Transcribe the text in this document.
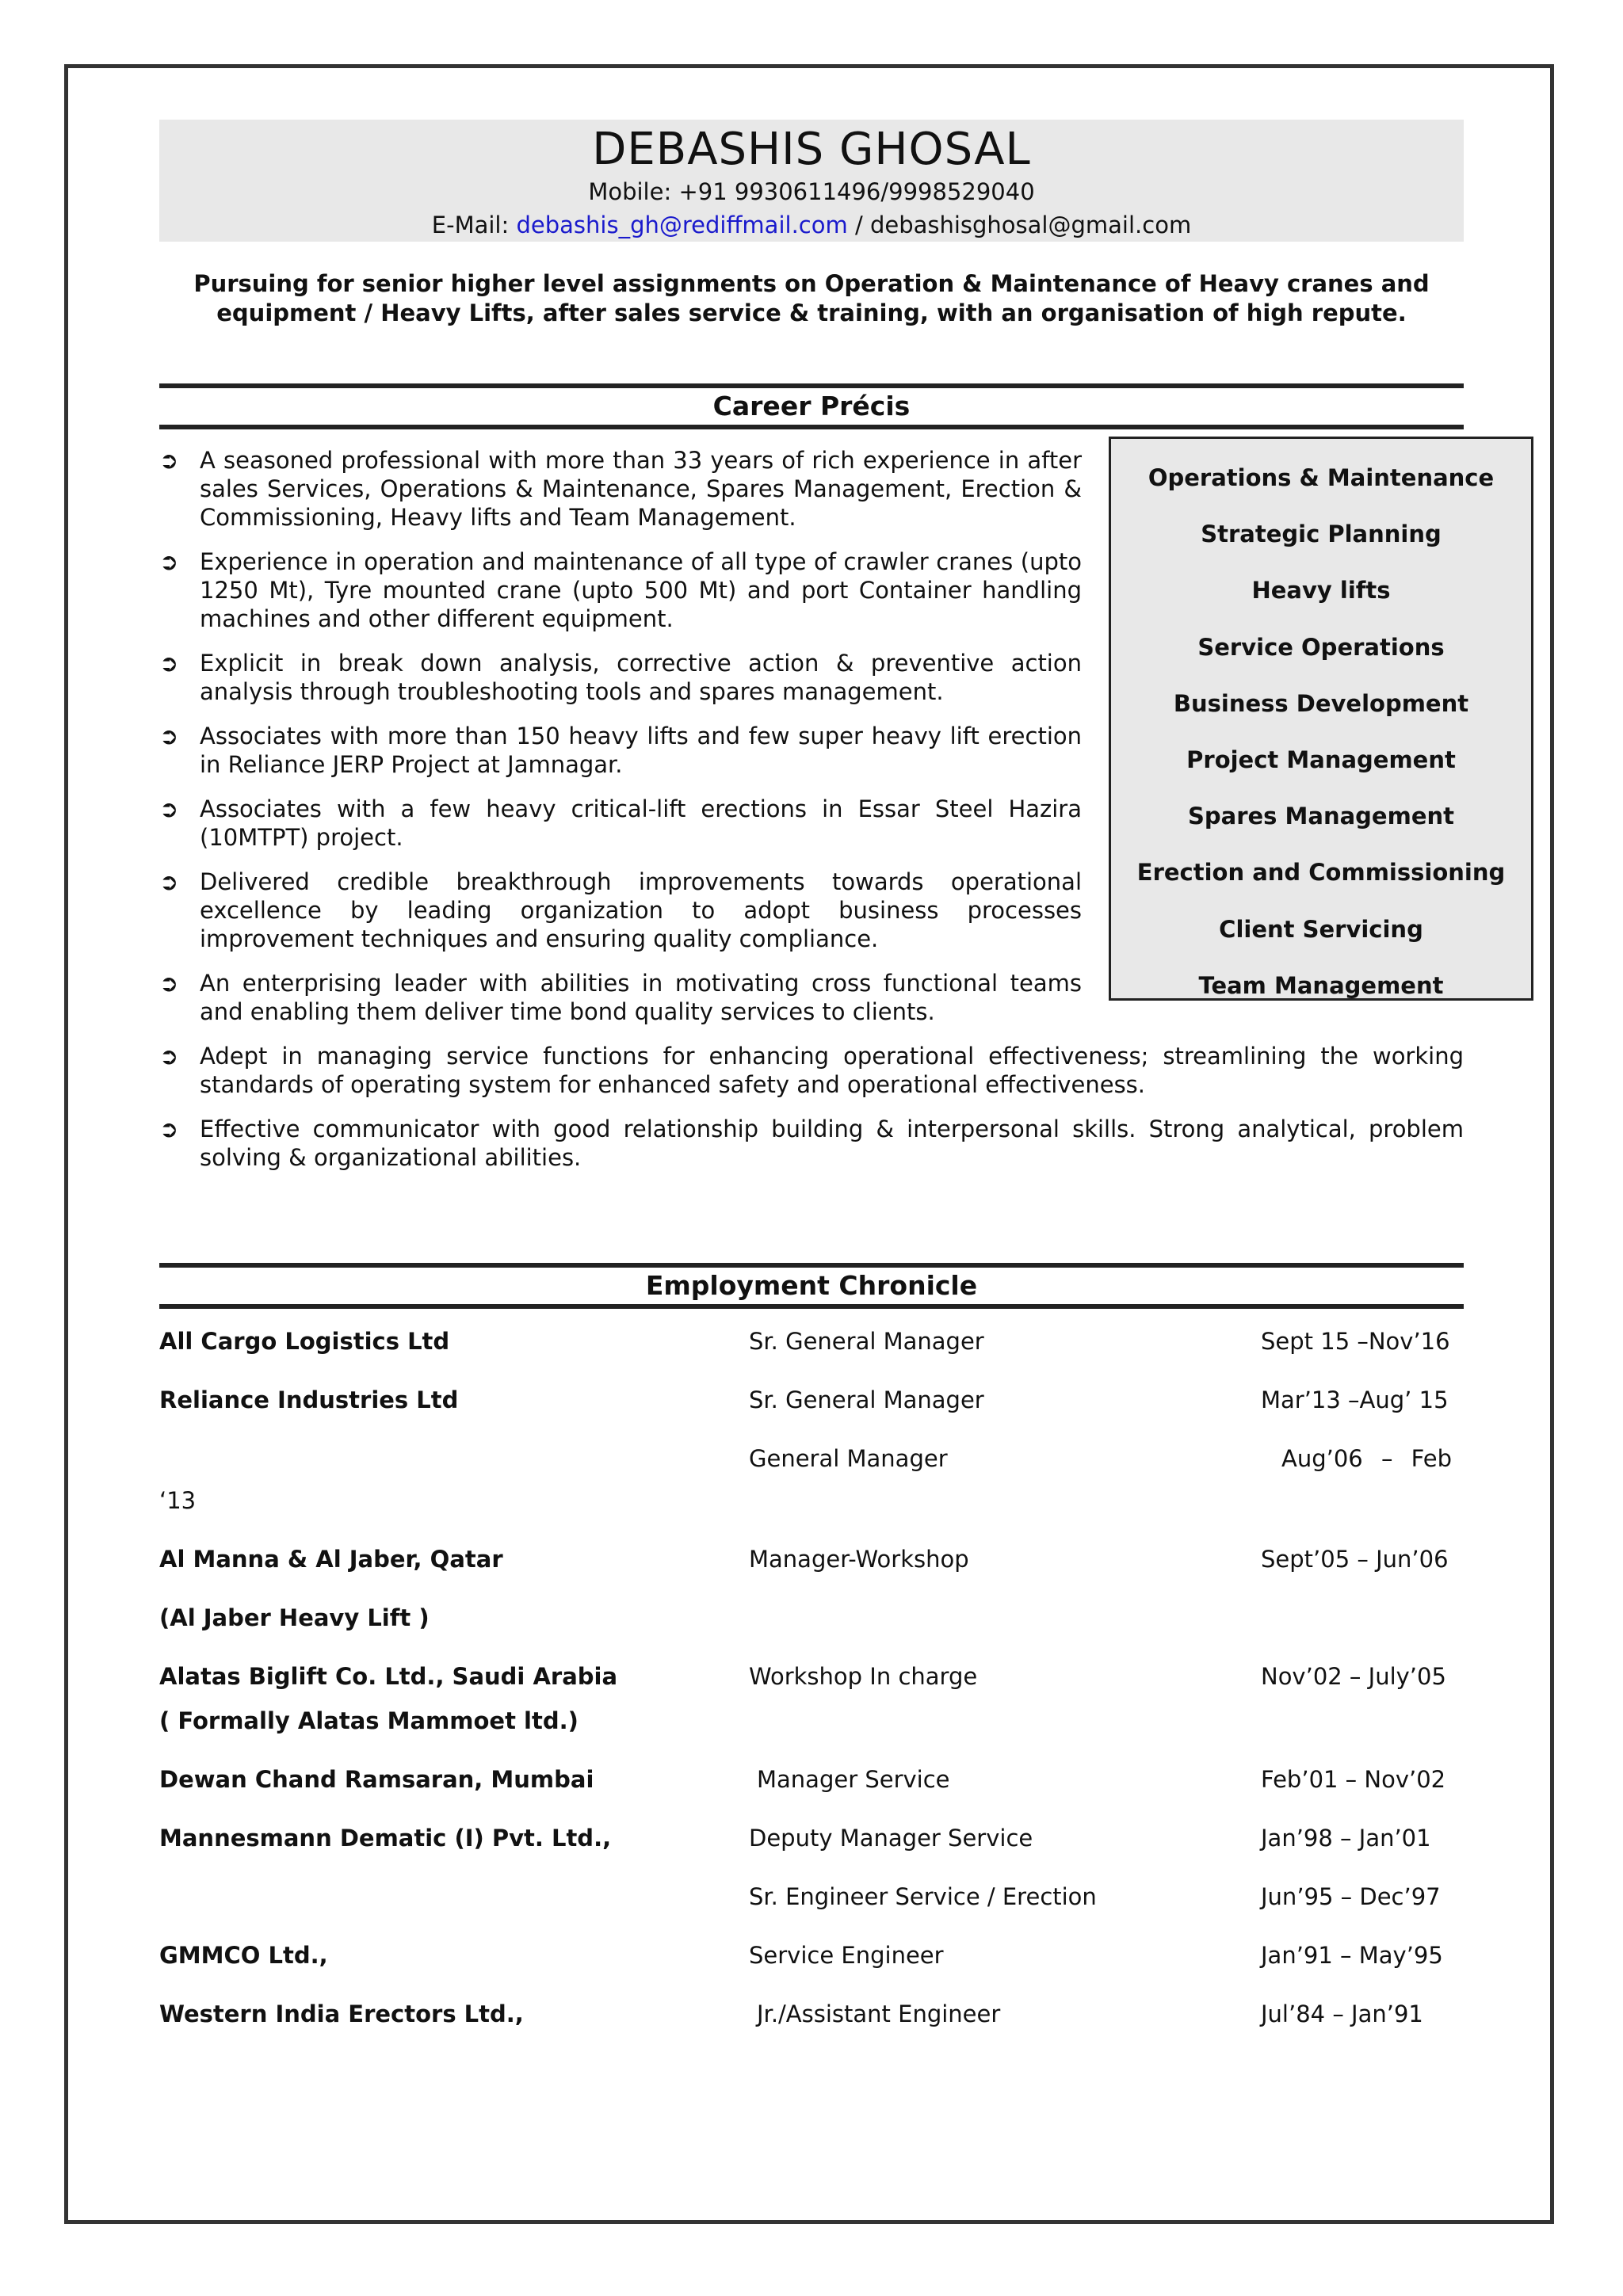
DEBASHIS GHOSAL
Mobile: +91 9930611496/9998529040
E-Mail: debashis_gh@rediffmail.com / debashisghosal@gmail.com
Pursuing for senior higher level assignments on Operation & Maintenance of Heavy cranes and equipment / Heavy Lifts, after sales service & training, with an organisation of high repute.
Career Précis
➲ A seasoned professional with more than 33 years of rich experience in after sales Services, Operations & Maintenance, Spares Management, Erection & Commissioning, Heavy lifts and Team Management.
➲ Experience in operation and maintenance of all type of crawler cranes (upto 1250 Mt), Tyre mounted crane (upto 500 Mt) and port Container handling machines and other different equipment.
➲ Explicit in break down analysis, corrective action & preventive action analysis through troubleshooting tools and spares management.
➲ Associates with more than 150 heavy lifts and few super heavy lift erection in Reliance JERP Project at Jamnagar.
➲ Associates with a few heavy critical-lift erections in Essar Steel Hazira (10MTPT) project.
➲ Delivered credible breakthrough improvements towards operational excellence by leading organization to adopt business processes improvement techniques and ensuring quality compliance.
➲ An enterprising leader with abilities in motivating cross functional teams and enabling them deliver time bond quality services to clients.
➲ Adept in managing service functions for enhancing operational effectiveness; streamlining the working standards of operating system for enhanced safety and operational effectiveness.
➲ Effective communicator with good relationship building & interpersonal skills. Strong analytical, problem solving & organizational abilities.
Operations & Maintenance
Strategic Planning
Heavy lifts
Service Operations
Business Development
Project Management
Spares Management
Erection and Commissioning
Client Servicing
Team Management
Employment Chronicle
All Cargo Logistics Ltd	Sr. General Manager	Sept 15 –Nov’16
Reliance Industries Ltd	Sr. General Manager	Mar’13 –Aug’ 15
General Manager	Aug’06 – Feb
‘13
Al Manna & Al Jaber, Qatar	Manager-Workshop	Sept’05 – Jun’06
(Al Jaber Heavy Lift )
Alatas Biglift Co. Ltd., Saudi Arabia	Workshop In charge	Nov’02 – July’05
( Formally Alatas Mammoet ltd.)
Dewan Chand Ramsaran, Mumbai	Manager Service	Feb’01 – Nov’02
Mannesmann Dematic (I) Pvt. Ltd.,	Deputy Manager Service	Jan’98 – Jan’01
Sr. Engineer Service / Erection	Jun’95 – Dec’97
GMMCO Ltd.,	Service Engineer	Jan’91 – May’95
Western India Erectors Ltd.,	Jr./Assistant Engineer	Jul’84 – Jan’91
